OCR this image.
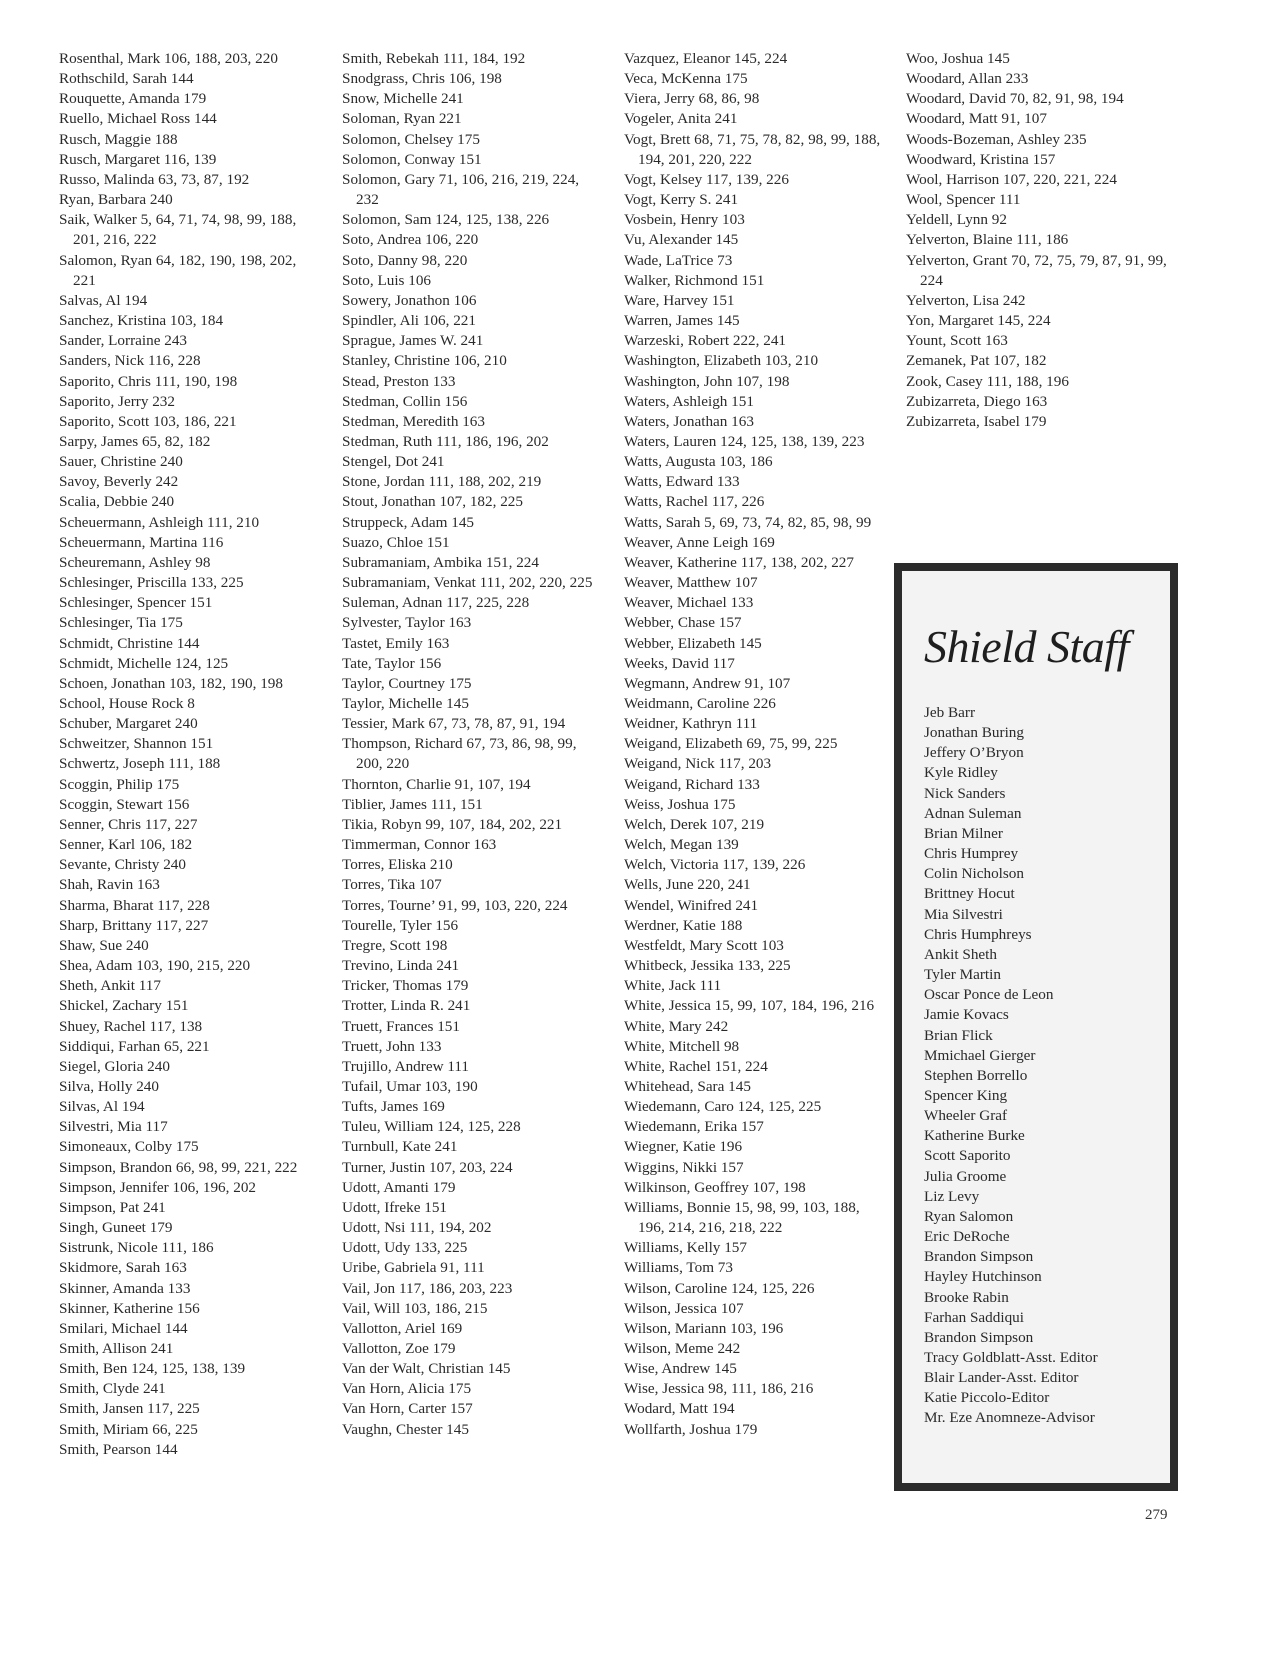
Rosenthal, Mark 106, 188, 203, 220
Rothschild, Sarah 144
Rouquette, Amanda 179
Ruello, Michael Ross 144
Rusch, Maggie 188
Rusch, Margaret 116, 139
Russo, Malinda 63, 73, 87, 192
Ryan, Barbara 240
Saik, Walker 5, 64, 71, 74, 98, 99, 188, 201, 216, 222
Salomon, Ryan 64, 182, 190, 198, 202, 221
Salvas, Al 194
Sanchez, Kristina 103, 184
Sander, Lorraine 243
Sanders, Nick 116, 228
Saporito, Chris 111, 190, 198
Saporito, Jerry 232
Saporito, Scott 103, 186, 221
Sarpy, James 65, 82, 182
Sauer, Christine 240
Savoy, Beverly 242
Scalia, Debbie 240
Scheuermann, Ashleigh 111, 210
Scheuermann, Martina 116
Scheuremann, Ashley 98
Schlesinger, Priscilla 133, 225
Schlesinger, Spencer 151
Schlesinger, Tia 175
Schmidt, Christine 144
Schmidt, Michelle 124, 125
Schoen, Jonathan 103, 182, 190, 198
School, House Rock 8
Schuber, Margaret 240
Schweitzer, Shannon 151
Schwertz, Joseph 111, 188
Scoggin, Philip 175
Scoggin, Stewart 156
Senner, Chris 117, 227
Senner, Karl 106, 182
Sevante, Christy 240
Shah, Ravin 163
Sharma, Bharat 117, 228
Sharp, Brittany 117, 227
Shaw, Sue 240
Shea, Adam 103, 190, 215, 220
Sheth, Ankit 117
Shickel, Zachary 151
Shuey, Rachel 117, 138
Siddiqui, Farhan 65, 221
Siegel, Gloria 240
Silva, Holly 240
Silvas, Al 194
Silvestri, Mia 117
Simoneaux, Colby 175
Simpson, Brandon 66, 98, 99, 221, 222
Simpson, Jennifer 106, 196, 202
Simpson, Pat 241
Singh, Guneet 179
Sistrunk, Nicole 111, 186
Skidmore, Sarah 163
Skinner, Amanda 133
Skinner, Katherine 156
Smilari, Michael 144
Smith, Allison 241
Smith, Ben 124, 125, 138, 139
Smith, Clyde 241
Smith, Jansen 117, 225
Smith, Miriam 66, 225
Smith, Pearson 144
Smith, Rebekah 111, 184, 192
Snodgrass, Chris 106, 198
Snow, Michelle 241
Soloman, Ryan 221
Solomon, Chelsey 175
Solomon, Conway 151
Solomon, Gary 71, 106, 216, 219, 224, 232
Solomon, Sam 124, 125, 138, 226
Soto, Andrea 106, 220
Soto, Danny 98, 220
Soto, Luis 106
Sowery, Jonathon 106
Spindler, Ali 106, 221
Sprague, James W. 241
Stanley, Christine 106, 210
Stead, Preston 133
Stedman, Collin 156
Stedman, Meredith 163
Stedman, Ruth 111, 186, 196, 202
Stengel, Dot 241
Stone, Jordan 111, 188, 202, 219
Stout, Jonathan 107, 182, 225
Struppeck, Adam 145
Suazo, Chloe 151
Subramaniam, Ambika 151, 224
Subramaniam, Venkat 111, 202, 220, 225
Suleman, Adnan 117, 225, 228
Sylvester, Taylor 163
Tastet, Emily 163
Tate, Taylor 156
Taylor, Courtney 175
Taylor, Michelle 145
Tessier, Mark 67, 73, 78, 87, 91, 194
Thompson, Richard 67, 73, 86, 98, 99, 200, 220
Thornton, Charlie 91, 107, 194
Tiblier, James 111, 151
Tikia, Robyn 99, 107, 184, 202, 221
Timmerman, Connor 163
Torres, Eliska 210
Torres, Tika 107
Torres, Tourne’ 91, 99, 103, 220, 224
Tourelle, Tyler 156
Tregre, Scott 198
Trevino, Linda 241
Tricker, Thomas 179
Trotter, Linda R. 241
Truett, Frances 151
Truett, John 133
Trujillo, Andrew 111
Tufail, Umar 103, 190
Tufts, James 169
Tuleu, William 124, 125, 228
Turnbull, Kate 241
Turner, Justin 107, 203, 224
Udott, Amanti 179
Udott, Ifreke 151
Udott, Nsi 111, 194, 202
Udott, Udy 133, 225
Uribe, Gabriela 91, 111
Vail, Jon 117, 186, 203, 223
Vail, Will 103, 186, 215
Vallotton, Ariel 169
Vallotton, Zoe 179
Van der Walt, Christian 145
Van Horn, Alicia 175
Van Horn, Carter 157
Vaughn, Chester 145
Vazquez, Eleanor 145, 224
Veca, McKenna 175
Viera, Jerry 68, 86, 98
Vogeler, Anita 241
Vogt, Brett 68, 71, 75, 78, 82, 98, 99, 188, 194, 201, 220, 222
Vogt, Kelsey 117, 139, 226
Vogt, Kerry S. 241
Vosbein, Henry 103
Vu, Alexander 145
Wade, LaTrice 73
Walker, Richmond 151
Ware, Harvey 151
Warren, James 145
Warzeski, Robert 222, 241
Washington, Elizabeth 103, 210
Washington, John 107, 198
Waters, Ashleigh 151
Waters, Jonathan 163
Waters, Lauren 124, 125, 138, 139, 223
Watts, Augusta 103, 186
Watts, Edward 133
Watts, Rachel 117, 226
Watts, Sarah 5, 69, 73, 74, 82, 85, 98, 99
Weaver, Anne Leigh 169
Weaver, Katherine 117, 138, 202, 227
Weaver, Matthew 107
Weaver, Michael 133
Webber, Chase 157
Webber, Elizabeth 145
Weeks, David 117
Wegmann, Andrew 91, 107
Weidmann, Caroline 226
Weidner, Kathryn 111
Weigand, Elizabeth 69, 75, 99, 225
Weigand, Nick 117, 203
Weigand, Richard 133
Weiss, Joshua 175
Welch, Derek 107, 219
Welch, Megan 139
Welch, Victoria 117, 139, 226
Wells, June 220, 241
Wendel, Winifred 241
Werdner, Katie 188
Westfeldt, Mary Scott 103
Whitbeck, Jessika 133, 225
White, Jack 111
White, Jessica 15, 99, 107, 184, 196, 216
White, Mary 242
White, Mitchell 98
White, Rachel 151, 224
Whitehead, Sara 145
Wiedemann, Caro 124, 125, 225
Wiedemann, Erika 157
Wiegner, Katie 196
Wiggins, Nikki 157
Wilkinson, Geoffrey 107, 198
Williams, Bonnie 15, 98, 99, 103, 188, 196, 214, 216, 218, 222
Williams, Kelly 157
Williams, Tom 73
Wilson, Caroline 124, 125, 226
Wilson, Jessica 107
Wilson, Mariann 103, 196
Wilson, Meme 242
Wise, Andrew 145
Wise, Jessica 98, 111, 186, 216
Wodard, Matt 194
Wollfarth, Joshua 179
Woo, Joshua 145
Woodard, Allan 233
Woodard, David 70, 82, 91, 98, 194
Woodard, Matt 91, 107
Woods-Bozeman, Ashley 235
Woodward, Kristina 157
Wool, Harrison 107, 220, 221, 224
Wool, Spencer 111
Yeldell, Lynn 92
Yelverton, Blaine 111, 186
Yelverton, Grant 70, 72, 75, 79, 87, 91, 99, 224
Yelverton, Lisa 242
Yon, Margaret 145, 224
Yount, Scott 163
Zemanek, Pat 107, 182
Zook, Casey 111, 188, 196
Zubizarreta, Diego 163
Zubizarreta, Isabel 179
Shield Staff
Jeb Barr
Jonathan Buring
Jeffery O’Bryon
Kyle Ridley
Nick Sanders
Adnan Suleman
Brian Milner
Chris Humprey
Colin Nicholson
Brittney Hocut
Mia Silvestri
Chris Humphreys
Ankit Sheth
Tyler Martin
Oscar Ponce de Leon
Jamie Kovacs
Brian Flick
Mmichael Gierger
Stephen Borrello
Spencer King
Wheeler Graf
Katherine Burke
Scott Saporito
Julia Groome
Liz Levy
Ryan Salomon
Eric DeRoche
Brandon Simpson
Hayley Hutchinson
Brooke Rabin
Farhan Saddiqui
Brandon Simpson
Tracy Goldblatt-Asst. Editor
Blair Lander-Asst. Editor
Katie Piccolo-Editor
Mr. Eze Anomneze-Advisor
279
